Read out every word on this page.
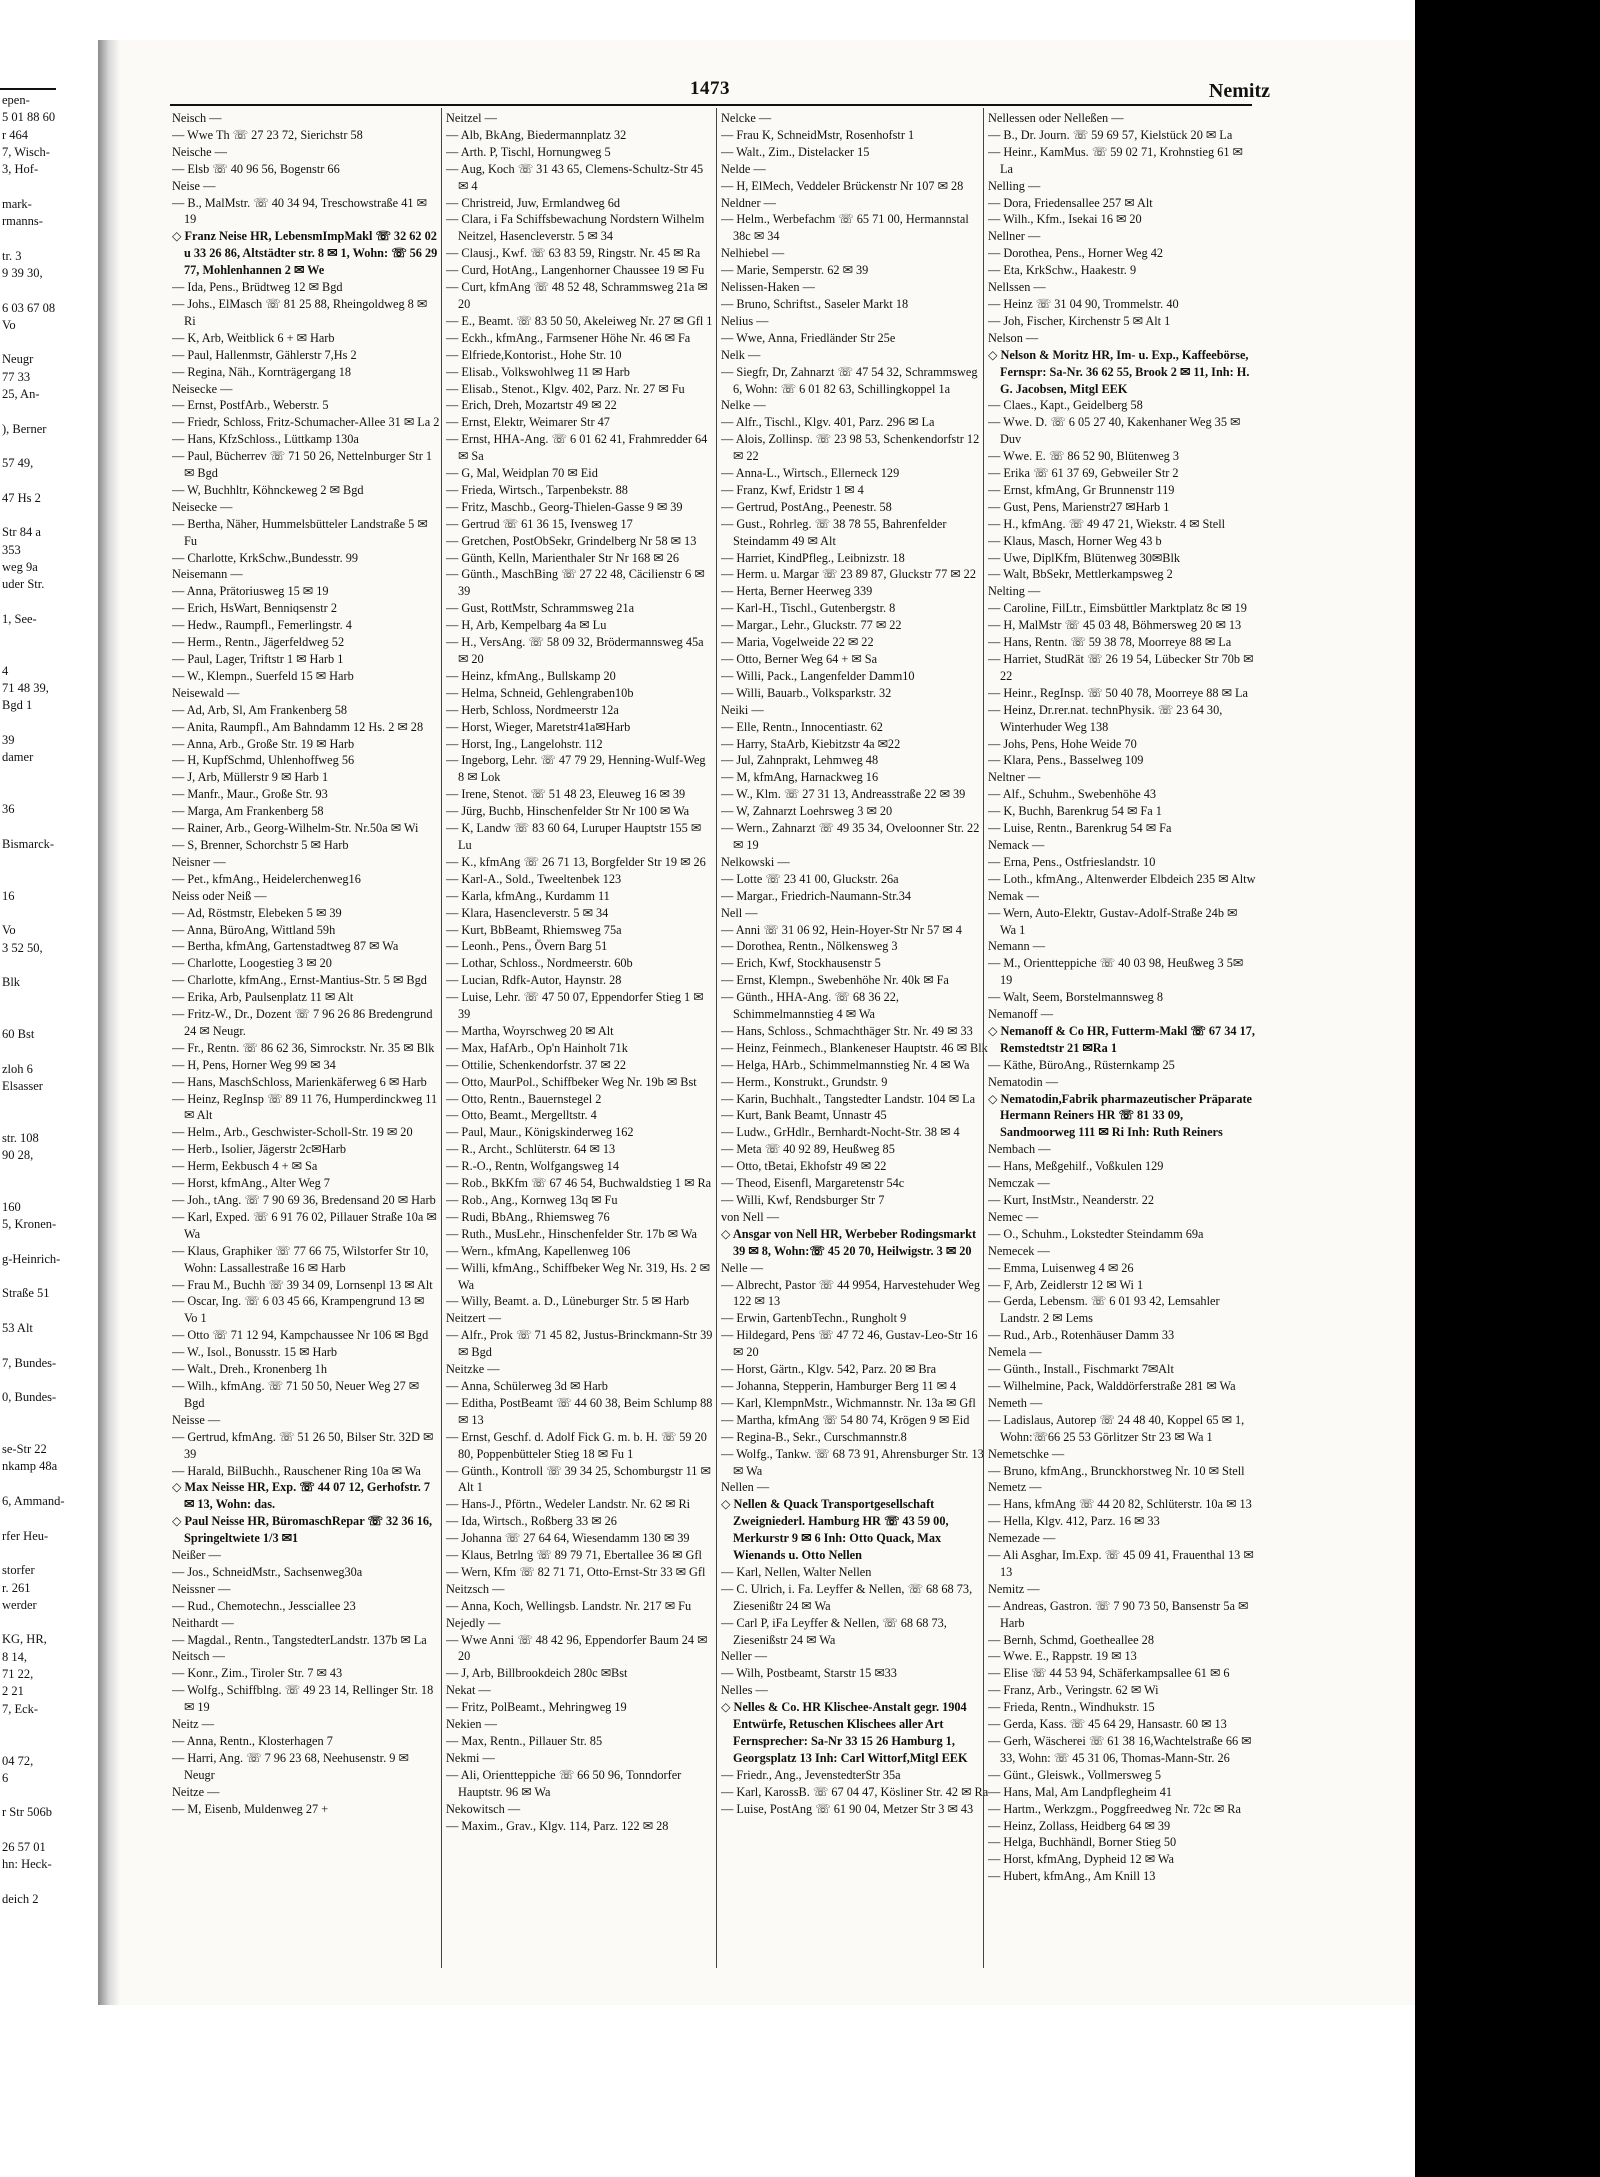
epen-
5 01 88 60
r 464
7, Wisch-
3, Hof-
mark-
rmanns-
tr. 3
9 39 30,
6 03 67 08
Vo
Neugr
77 33
25, An-
), Berner
57 49,
47 Hs 2
Str 84 a
353
weg 9a
uder Str.
1, See-
4
71 48 39,
Bgd 1
39
damer
36
Bismarck-
16
Vo
3 52 50,
Blk
60 Bst
zloh 6
Elsasser
str. 108
90 28,
160
5, Kronen-
g-Heinrich-
Straße 51
53 Alt
7, Bundes-
0, Bundes-
se-Str 22
nkamp 48a
6, Ammand-
rfer Heu-
storfer
r. 261
werder
KG, HR,
8 14,
71 22,
2 21
7, Eck-
04 72,
6
r Str 506b
26 57 01
hn: Heck-
deich 2
1473	Nemitz
Neisch —
— Wwe Th ☏ 27 23 72, Sierichstr 58
Neische —
— Elsb ☏ 40 96 56, Bogenstr 66
Neise —
— B., MalMstr. ☏ 40 34 94, Treschowstraße 41 ✉ 19
◇ Franz Neise HR, LebensmImpMakl ☏ 32 62 02 u 33 26 86, Altstädter str. 8 ✉ 1, Wohn: ☏ 56 29 77, Mohlenhannen 2 ✉ We
— Ida, Pens., Brüdtweg 12 ✉ Bgd
— Johs., ElMasch ☏ 81 25 88, Rheingoldweg 8 ✉ Ri
— K, Arb, Weitblick 6 + ✉ Harb
— Paul, Hallenmstr, Gählerstr 7,Hs 2
— Regina, Näh., Kornträgergang 18
Neisecke —
— Ernst, PostfArb., Weberstr. 5
— Friedr, Schloss, Fritz-Schumacher-Allee 31 ✉ La 2
— Hans, KfzSchloss., Lüttkamp 130a
— Paul, Bücherrev ☏ 71 50 26, Nettelnburger Str 1 ✉ Bgd
— W, Buchhltr, Köhnckeweg 2 ✉ Bgd
Neisecke —
— Bertha, Näher, Hummelsbütteler Landstraße 5 ✉ Fu
— Charlotte, KrkSchw.,Bundesstr. 99
Neisemann —
— Anna, Prätoriusweg 15 ✉ 19
— Erich, HsWart, Benniqsenstr 2
— Hedw., Raumpfl., Femerlingstr. 4
— Herm., Rentn., Jägerfeldweg 52
— Paul, Lager, Triftstr 1 ✉ Harb 1
— W., Klempn., Suerfeld 15 ✉ Harb
Neisewald —
— Ad, Arb, Sl, Am Frankenberg 58
— Anita, Raumpfl., Am Bahndamm 12 Hs. 2 ✉ 28
— Anna, Arb., Große Str. 19 ✉ Harb
— H, KupfSchmd, Uhlenhoffweg 56
— J, Arb, Müllerstr 9 ✉ Harb 1
— Manfr., Maur., Große Str. 93
— Marga, Am Frankenberg 58
— Rainer, Arb., Georg-Wilhelm-Str. Nr.50a ✉ Wi
— S, Brenner, Schorchstr 5 ✉ Harb
Neisner —
— Pet., kfmAng., Heidelerchenweg16
Neiss oder Neiß —
— Ad, Röstmstr, Elebeken 5 ✉ 39
— Anna, BüroAng, Wittland 59h
— Bertha, kfmAng, Gartenstadtweg 87 ✉ Wa
— Charlotte, Loogestieg 3 ✉ 20
— Charlotte, kfmAng., Ernst-Mantius-Str. 5 ✉ Bgd
— Erika, Arb, Paulsenplatz 11 ✉ Alt
— Fritz-W., Dr., Dozent ☏ 7 96 26 86 Bredengrund 24 ✉ Neugr.
— Fr., Rentn. ☏ 86 62 36, Simrockstr. Nr. 35 ✉ Blk
— H, Pens, Horner Weg 99 ✉ 34
— Hans, MaschSchloss, Marienkäferweg 6 ✉ Harb
— Heinz, RegInsp ☏ 89 11 76, Humperdinckweg 11 ✉ Alt
— Helm., Arb., Geschwister-Scholl-Str. 19 ✉ 20
— Herb., Isolier, Jägerstr 2c✉Harb
— Herm, Eekbusch 4 + ✉ Sa
— Horst, kfmAng., Alter Weg 7
— Joh., tAng. ☏ 7 90 69 36, Bredensand 20 ✉ Harb
— Karl, Exped. ☏ 6 91 76 02, Pillauer Straße 10a ✉ Wa
— Klaus, Graphiker ☏ 77 66 75, Wilstorfer Str 10, Wohn: Lassallestraße 16 ✉ Harb
— Frau M., Buchh ☏ 39 34 09, Lornsenpl 13 ✉ Alt
— Oscar, Ing. ☏ 6 03 45 66, Krampengrund 13 ✉ Vo 1
— Otto ☏ 71 12 94, Kampchaussee Nr 106 ✉ Bgd
— W., Isol., Bonusstr. 15 ✉ Harb
— Walt., Dreh., Kronenberg 1h
— Wilh., kfmAng. ☏ 71 50 50, Neuer Weg 27 ✉ Bgd
Neisse —
— Gertrud, kfmAng. ☏ 51 26 50, Bilser Str. 32D ✉ 39
— Harald, BilBuchh., Rauschener Ring 10a ✉ Wa
◇ Max Neisse HR, Exp. ☏ 44 07 12, Gerhofstr. 7 ✉ 13, Wohn: das.
◇ Paul Neisse HR, BüromaschRepar ☏ 32 36 16, Springeltwiete 1/3 ✉1
Neißer —
— Jos., SchneidMstr., Sachsenweg30a
Neissner —
— Rud., Chemotechn., Jessciallee 23
Neithardt —
— Magdal., Rentn., TangstedterLandstr. 137b ✉ La
Neitsch —
— Konr., Zim., Tiroler Str. 7 ✉ 43
— Wolfg., Schiffblng. ☏ 49 23 14, Rellinger Str. 18 ✉ 19
Neitz —
— Anna, Rentn., Klosterhagen 7
— Harri, Ang. ☏ 7 96 23 68, Neehusenstr. 9 ✉ Neugr
Neitze —
— M, Eisenb, Muldenweg 27 +
Neitzel —
— Alb, BkAng, Biedermannplatz 32
— Arth. P, Tischl, Hornungweg 5
— Aug, Koch ☏ 31 43 65, Clemens-Schultz-Str 45 ✉ 4
— Christreid, Juw, Ermlandweg 6d
— Clara, i Fa Schiffsbewachung Nordstern Wilhelm Neitzel, Hasencleverstr. 5 ✉ 34
— Clausj., Kwf. ☏ 63 83 59, Ringstr. Nr. 45 ✉ Ra
— Curd, HotAng., Langenhorner Chaussee 19 ✉ Fu
— Curt, kfmAng ☏ 48 52 48, Schrammsweg 21a ✉ 20
— E., Beamt. ☏ 83 50 50, Akeleiweg Nr. 27 ✉ Gfl 1
— Eckh., kfmAng., Farmsener Höhe Nr. 46 ✉ Fa
— Elfriede,Kontorist., Hohe Str. 10
— Elisab., Volkswohlweg 11 ✉ Harb
— Elisab., Stenot., Klgv. 402, Parz. Nr. 27 ✉ Fu
— Erich, Dreh, Mozartstr 49 ✉ 22
— Ernst, Elektr, Weimarer Str 47
— Ernst, HHA-Ang. ☏ 6 01 62 41, Frahmredder 64 ✉ Sa
— G, Mal, Weidplan 70 ✉ Eid
— Frieda, Wirtsch., Tarpenbekstr. 88
— Fritz, Maschb., Georg-Thielen-Gasse 9 ✉ 39
— Gertrud ☏ 61 36 15, Ivensweg 17
— Gretchen, PostObSekr, Grindelberg Nr 58 ✉ 13
— Günth, Kelln, Marienthaler Str Nr 168 ✉ 26
— Günth., MaschBing ☏ 27 22 48, Cäcilienstr 6 ✉ 39
— Gust, RottMstr, Schrammsweg 21a
— H, Arb, Kempelbarg 4a ✉ Lu
— H., VersAng. ☏ 58 09 32, Brödermannsweg 45a ✉ 20
— Heinz, kfmAng., Bullskamp 20
— Helma, Schneid, Gehlengraben10b
— Herb, Schloss, Nordmeerstr 12a
— Horst, Wieger, Maretstr41a✉Harb
— Horst, Ing., Langelohstr. 112
— Ingeborg, Lehr. ☏ 47 79 29, Henning-Wulf-Weg 8 ✉ Lok
— Irene, Stenot. ☏ 51 48 23, Eleuweg 16 ✉ 39
— Jürg, Buchb, Hinschenfelder Str Nr 100 ✉ Wa
— K, Landw ☏ 83 60 64, Luruper Hauptstr 155 ✉ Lu
— K., kfmAng ☏ 26 71 13, Borgfelder Str 19 ✉ 26
— Karl-A., Sold., Tweeltenbek 123
— Karla, kfmAng., Kurdamm 11
— Klara, Hasencleverstr. 5 ✉ 34
— Kurt, BbBeamt, Rhiemsweg 75a
— Leonh., Pens., Övern Barg 51
— Lothar, Schloss., Nordmeerstr. 60b
— Lucian, Rdfk-Autor, Haynstr. 28
— Luise, Lehr. ☏ 47 50 07, Eppendorfer Stieg 1 ✉ 39
— Martha, Woyrschweg 20 ✉ Alt
— Max, HafArb., Op'n Hainholt 71k
— Ottilie, Schenkendorfstr. 37 ✉ 22
— Otto, MaurPol., Schiffbeker Weg Nr. 19b ✉ Bst
— Otto, Rentn., Bauernstegel 2
— Otto, Beamt., Mergelltstr. 4
— Paul, Maur., Königskinderweg 162
— R., Archt., Schlüterstr. 64 ✉ 13
— R.-O., Rentn, Wolfgangsweg 14
— Rob., BkKfm ☏ 67 46 54, Buchwaldstieg 1 ✉ Ra
— Rob., Ang., Kornweg 13q ✉ Fu
— Rudi, BbAng., Rhiemsweg 76
— Ruth., MusLehr., Hinschenfelder Str. 17b ✉ Wa
— Wern., kfmAng, Kapellenweg 106
— Willi, kfmAng., Schiffbeker Weg Nr. 319, Hs. 2 ✉ Wa
— Willy, Beamt. a. D., Lüneburger Str. 5 ✉ Harb
Neitzert —
— Alfr., Prok ☏ 71 45 82, Justus-Brinckmann-Str 39 ✉ Bgd
Neitzke —
— Anna, Schülerweg 3d ✉ Harb
— Editha, PostBeamt ☏ 44 60 38, Beim Schlump 88 ✉ 13
— Ernst, Geschf. d. Adolf Fick G. m. b. H. ☏ 59 20 80, Poppenbütteler Stieg 18 ✉ Fu 1
— Günth., Kontroll ☏ 39 34 25, Schomburgstr 11 ✉ Alt 1
— Hans-J., Pförtn., Wedeler Landstr. Nr. 62 ✉ Ri
— Ida, Wirtsch., Roßberg 33 ✉ 26
— Johanna ☏ 27 64 64, Wiesendamm 130 ✉ 39
— Klaus, Betrlng ☏ 89 79 71, Ebertallee 36 ✉ Gfl
— Wern, Kfm ☏ 82 71 71, Otto-Ernst-Str 33 ✉ Gfl
Neitzsch —
— Anna, Koch, Wellingsb. Landstr. Nr. 217 ✉ Fu
Nejedly —
— Wwe Anni ☏ 48 42 96, Eppendorfer Baum 24 ✉ 20
— J, Arb, Billbrookdeich 280c ✉Bst
Nekat —
— Fritz, PolBeamt., Mehringweg 19
Nekien —
— Max, Rentn., Pillauer Str. 85
Nekmi —
— Ali, Orientteppiche ☏ 66 50 96, Tonndorfer Hauptstr. 96 ✉ Wa
Nekowitsch —
— Maxim., Grav., Klgv. 114, Parz. 122 ✉ 28
Nelcke —
— Frau K, SchneidMstr, Rosenhofstr 1
— Walt., Zim., Distelacker 15
Nelde —
— H, ElMech, Veddeler Brückenstr Nr 107 ✉ 28
Neldner —
— Helm., Werbefachm ☏ 65 71 00, Hermannstal 38c ✉ 34
Nelhiebel —
— Marie, Semperstr. 62 ✉ 39
Nelissen-Haken —
— Bruno, Schriftst., Saseler Markt 18
Nelius —
— Wwe, Anna, Friedländer Str 25e
Nelk —
— Siegfr, Dr, Zahnarzt ☏ 47 54 32, Schrammsweg 6, Wohn: ☏ 6 01 82 63, Schillingkoppel 1a
Nelke —
— Alfr., Tischl., Klgv. 401, Parz. 296 ✉ La
— Alois, Zollinsp. ☏ 23 98 53, Schenkendorfstr 12 ✉ 22
— Anna-L., Wirtsch., Ellerneck 129
— Franz, Kwf, Eridstr 1 ✉ 4
— Gertrud, PostAng., Peenestr. 58
— Gust., Rohrleg. ☏ 38 78 55, Bahrenfelder Steindamm 49 ✉ Alt
— Harriet, KindPfleg., Leibnizstr. 18
— Herm. u. Margar ☏ 23 89 87, Gluckstr 77 ✉ 22
— Herta, Berner Heerweg 339
— Karl-H., Tischl., Gutenbergstr. 8
— Margar., Lehr., Gluckstr. 77 ✉ 22
— Maria, Vogelweide 22 ✉ 22
— Otto, Berner Weg 64 + ✉ Sa
— Willi, Pack., Langenfelder Damm10
— Willi, Bauarb., Volksparkstr. 32
Neiki —
— Elle, Rentn., Innocentiastr. 62
— Harry, StaArb, Kiebitzstr 4a ✉22
— Jul, Zahnprakt, Lehmweg 48
— M, kfmAng, Harnackweg 16
— W., Klm. ☏ 27 31 13, Andreasstraße 22 ✉ 39
— W, Zahnarzt Loehrsweg 3 ✉ 20
— Wern., Zahnarzt ☏ 49 35 34, Oveloonner Str. 22 ✉ 19
Nelkowski —
— Lotte ☏ 23 41 00, Gluckstr. 26a
— Margar., Friedrich-Naumann-Str.34
Nell —
— Anni ☏ 31 06 92, Hein-Hoyer-Str Nr 57 ✉ 4
— Dorothea, Rentn., Nölkensweg 3
— Erich, Kwf, Stockhausenstr 5
— Ernst, Klempn., Swebenhöhe Nr. 40k ✉ Fa
— Günth., HHA-Ang. ☏ 68 36 22, Schimmelmannstieg 4 ✉ Wa
— Hans, Schloss., Schmachthäger Str. Nr. 49 ✉ 33
— Heinz, Feinmech., Blankeneser Hauptstr. 46 ✉ Blk
— Helga, HArb., Schimmelmannstieg Nr. 4 ✉ Wa
— Herm., Konstrukt., Grundstr. 9
— Karin, Buchhalt., Tangstedter Landstr. 104 ✉ La
— Kurt, Bank Beamt, Unnastr 45
— Ludw., GrHdlr., Bernhardt-Nocht-Str. 38 ✉ 4
— Meta ☏ 40 92 89, Heußweg 85
— Otto, tBetai, Ekhofstr 49 ✉ 22
— Theod, Eisenfl, Margaretenstr 54c
— Willi, Kwf, Rendsburger Str 7
von Nell —
◇ Ansgar von Nell HR, Werbeber Rodingsmarkt 39 ✉ 8, Wohn:☏ 45 20 70, Heilwigstr. 3 ✉ 20
Nelle —
— Albrecht, Pastor ☏ 44 9954, Harvestehuder Weg 122 ✉ 13
— Erwin, GartenbTechn., Rungholt 9
— Hildegard, Pens ☏ 47 72 46, Gustav-Leo-Str 16 ✉ 20
— Horst, Gärtn., Klgv. 542, Parz. 20 ✉ Bra
— Johanna, Stepperin, Hamburger Berg 11 ✉ 4
— Karl, KlempnMstr., Wichmannstr. Nr. 13a ✉ Gfl
— Martha, kfmAng ☏ 54 80 74, Krögen 9 ✉ Eid
— Regina-B., Sekr., Curschmannstr.8
— Wolfg., Tankw. ☏ 68 73 91, Ahrensburger Str. 13 ✉ Wa
Nellen —
◇ Nellen & Quack Transportgesellschaft Zweigniederl. Hamburg HR ☏ 43 59 00, Merkurstr 9 ✉ 6 Inh: Otto Quack, Max Wienands u. Otto Nellen
— Karl, Nellen, Walter Nellen
— C. Ulrich, i. Fa. Leyffer & Nellen, ☏ 68 68 73, Ziesenißtr 24 ✉ Wa
— Carl P, iFa Leyffer & Nellen, ☏ 68 68 73, Ziesenißstr 24 ✉ Wa
Neller —
— Wilh, Postbeamt, Starstr 15 ✉33
Nelles —
◇ Nelles & Co. HR Klischee-Anstalt gegr. 1904 Entwürfe, Retuschen Klischees aller Art Fernsprecher: Sa-Nr 33 15 26 Hamburg 1, Georgsplatz 13 Inh: Carl Wittorf,Mitgl EEK
— Friedr., Ang., JevenstedterStr 35a
— Karl, KarossB. ☏ 67 04 47, Kösliner Str. 42 ✉ Ra
— Luise, PostAng ☏ 61 90 04, Metzer Str 3 ✉ 43
Nellessen oder Nelleßen —
— B., Dr. Journ. ☏ 59 69 57, Kielstück 20 ✉ La
— Heinr., KamMus. ☏ 59 02 71, Krohnstieg 61 ✉ La
Nelling —
— Dora, Friedensallee 257 ✉ Alt
— Wilh., Kfm., Isekai 16 ✉ 20
Nellner —
— Dorothea, Pens., Horner Weg 42
— Eta, KrkSchw., Haakestr. 9
Nellssen —
— Heinz ☏ 31 04 90, Trommelstr. 40
— Joh, Fischer, Kirchenstr 5 ✉ Alt 1
Nelson —
◇ Nelson & Moritz HR, Im- u. Exp., Kaffeebörse, Fernspr: Sa-Nr. 36 62 55, Brook 2 ✉ 11, Inh: H. G. Jacobsen, Mitgl EEK
— Claes., Kapt., Geidelberg 58
— Wwe. D. ☏ 6 05 27 40, Kakenhaner Weg 35 ✉ Duv
— Wwe. E. ☏ 86 52 90, Blütenweg 3
— Erika ☏ 61 37 69, Gebweiler Str 2
— Ernst, kfmAng, Gr Brunnenstr 119
— Gust, Pens, Marienstr27 ✉Harb 1
— H., kfmAng. ☏ 49 47 21, Wiekstr. 4 ✉ Stell
— Klaus, Masch, Horner Weg 43 b
— Uwe, DiplKfm, Blütenweg 30✉Blk
— Walt, BbSekr, Mettlerkampsweg 2
Nelting —
— Caroline, FilLtr., Eimsbüttler Marktplatz 8c ✉ 19
— H, MalMstr ☏ 45 03 48, Böhmersweg 20 ✉ 13
— Hans, Rentn. ☏ 59 38 78, Moorreye 88 ✉ La
— Harriet, StudRät ☏ 26 19 54, Lübecker Str 70b ✉ 22
— Heinr., RegInsp. ☏ 50 40 78, Moorreye 88 ✉ La
— Heinz, Dr.rer.nat. technPhysik. ☏ 23 64 30, Winterhuder Weg 138
— Johs, Pens, Hohe Weide 70
— Klara, Pens., Basselweg 109
Neltner —
— Alf., Schuhm., Swebenhöhe 43
— K, Buchh, Barenkrug 54 ✉ Fa 1
— Luise, Rentn., Barenkrug 54 ✉ Fa
Nemack —
— Erna, Pens., Ostfrieslandstr. 10
— Loth., kfmAng., Altenwerder Elbdeich 235 ✉ Altw
Nemak —
— Wern, Auto-Elektr, Gustav-Adolf-Straße 24b ✉ Wa 1
Nemann —
— M., Orientteppiche ☏ 40 03 98, Heußweg 3 5✉ 19
— Walt, Seem, Borstelmannsweg 8
Nemanoff —
◇ Nemanoff & Co HR, Futterm-Makl ☏ 67 34 17, Remstedtstr 21 ✉Ra 1
— Käthe, BüroAng., Rüsternkamp 25
Nematodin —
◇ Nematodin,Fabrik pharmazeutischer Präparate Hermann Reiners HR ☏ 81 33 09, Sandmoorweg 111 ✉ Ri Inh: Ruth Reiners
Nembach —
— Hans, Meßgehilf., Voßkulen 129
Nemczak —
— Kurt, InstMstr., Neanderstr. 22
Nemec —
— O., Schuhm., Lokstedter Steindamm 69a
Nemecek —
— Emma, Luisenweg 4 ✉ 26
— F, Arb, Zeidlerstr 12 ✉ Wi 1
— Gerda, Lebensm. ☏ 6 01 93 42, Lemsahler Landstr. 2 ✉ Lems
— Rud., Arb., Rotenhäuser Damm 33
Nemela —
— Günth., Install., Fischmarkt 7✉Alt
— Wilhelmine, Pack, Walddörferstraße 281 ✉ Wa
Nemeth —
— Ladislaus, Autorep ☏ 24 48 40, Koppel 65 ✉ 1, Wohn:☏66 25 53 Görlitzer Str 23 ✉ Wa 1
Nemetschke —
— Bruno, kfmAng., Brunckhorstweg Nr. 10 ✉ Stell
Nemetz —
— Hans, kfmAng ☏ 44 20 82, Schlüterstr. 10a ✉ 13
— Hella, Klgv. 412, Parz. 16 ✉ 33
Nemezade —
— Ali Asghar, Im.Exp. ☏ 45 09 41, Frauenthal 13 ✉ 13
Nemitz —
— Andreas, Gastron. ☏ 7 90 73 50, Bansenstr 5a ✉ Harb
— Bernh, Schmd, Goetheallee 28
— Wwe. E., Rappstr. 19 ✉ 13
— Elise ☏ 44 53 94, Schäferkampsallee 61 ✉ 6
— Franz, Arb., Veringstr. 62 ✉ Wi
— Frieda, Rentn., Windhukstr. 15
— Gerda, Kass. ☏ 45 64 29, Hansastr. 60 ✉ 13
— Gerh, Wäscherei ☏ 61 38 16,Wachtelstraße 66 ✉ 33, Wohn: ☏ 45 31 06, Thomas-Mann-Str. 26
— Günt., Gleiswk., Vollmersweg 5
— Hans, Mal, Am Landpflegheim 41
— Hartm., Werkzgm., Poggfreedweg Nr. 72c ✉ Ra
— Heinz, Zollass, Heidberg 64 ✉ 39
— Helga, Buchhändl, Borner Stieg 50
— Horst, kfmAng, Dypheid 12 ✉ Wa
— Hubert, kfmAng., Am Knill 13
